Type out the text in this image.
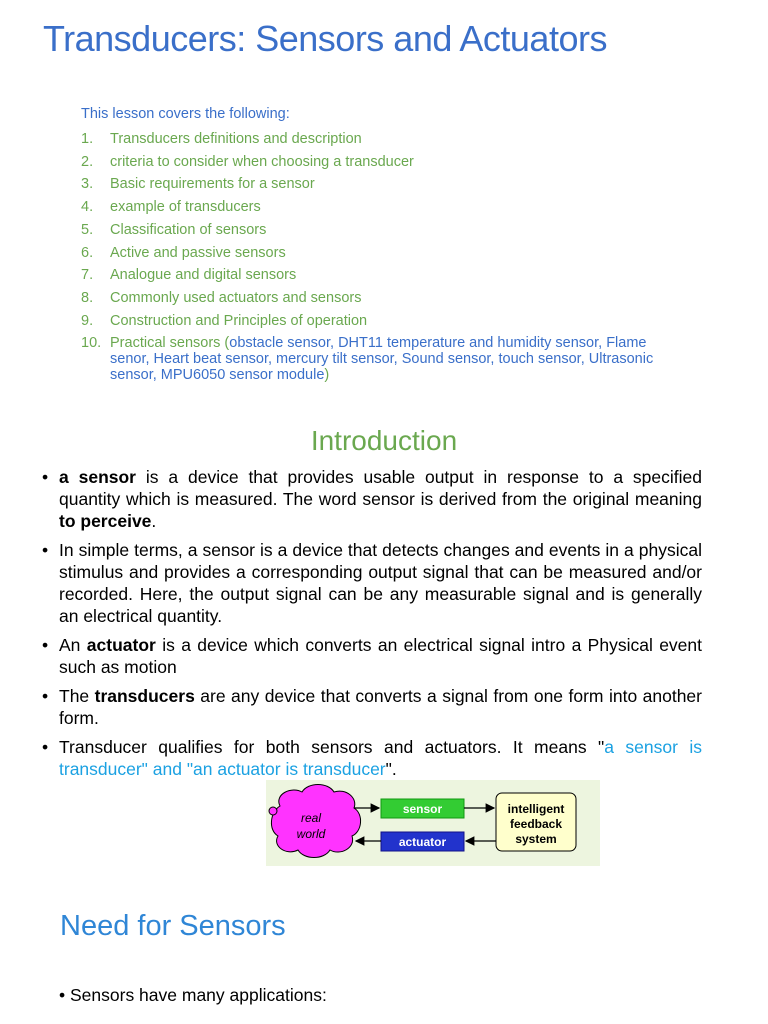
Transducers: Sensors and Actuators
This lesson covers the following:
1. Transducers definitions and description
2. criteria to consider when choosing a transducer
3. Basic requirements for a sensor
4. example of transducers
5. Classification of sensors
6. Active and passive sensors
7. Analogue and digital sensors
8. Commonly used actuators and sensors
9. Construction and Principles of operation
10. Practical sensors (obstacle sensor, DHT11 temperature and humidity sensor, Flame senor, Heart beat sensor, mercury tilt sensor, Sound sensor, touch sensor, Ultrasonic sensor, MPU6050 sensor module)
Introduction
• a sensor is a device that provides usable output in response to a specified quantity which is measured. The word sensor is derived from the original meaning to perceive.
• In simple terms, a sensor is a device that detects changes and events in a physical stimulus and provides a corresponding output signal that can be measured and/or recorded. Here, the output signal can be any measurable signal and is generally an electrical quantity.
• An actuator is a device which converts an electrical signal intro a Physical event such as motion
• The transducers are any device that converts a signal from one form into another form.
• Transducer qualifies for both sensors and actuators. It means "a sensor is transducer" and "an actuator is transducer".
real
world
sensor
actuator
intelligent
feedback
system
Need for Sensors
• Sensors have many applications:
